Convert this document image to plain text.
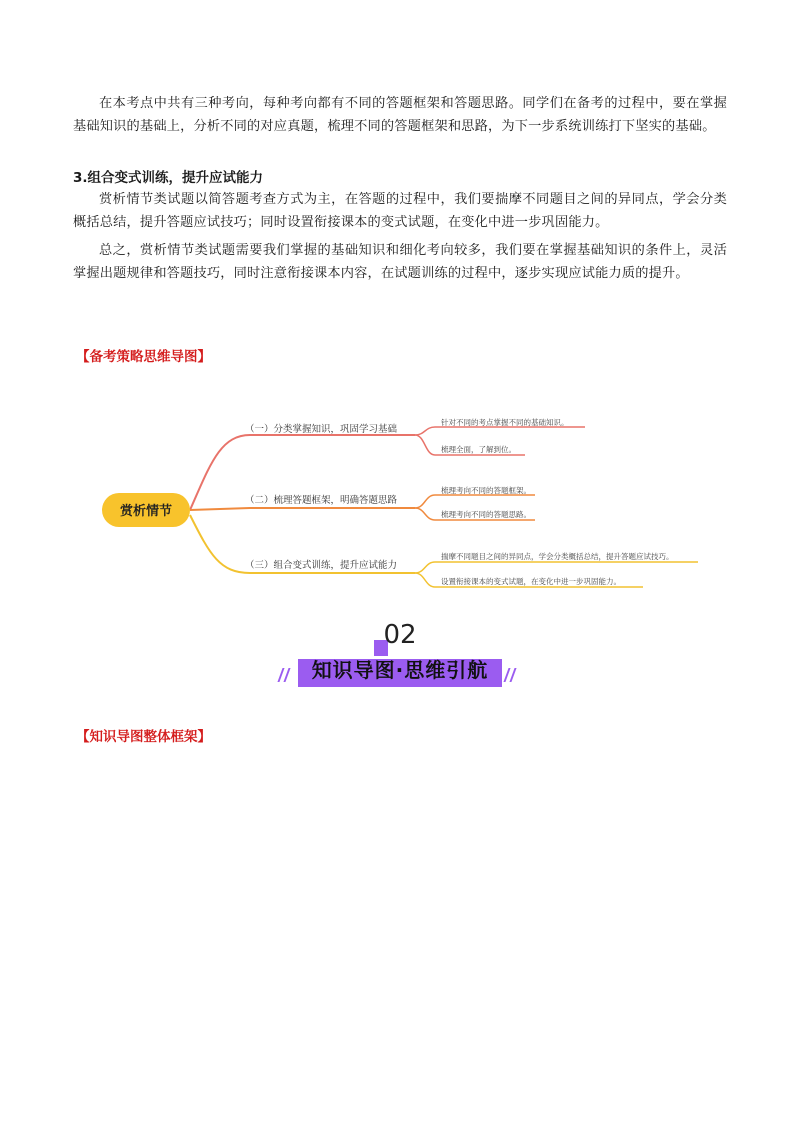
在本考点中共有三种考向，每种考向都有不同的答题框架和答题思路。同学们在备考的过程中，要在掌握基础知识的基础上，分析不同的对应真题，梳理不同的答题框架和思路，为下一步系统训练打下坚实的基础。

3.组合变式训练，提升应试能力

赏析情节类试题以简答题考查方式为主，在答题的过程中，我们要揣摩不同题目之间的异同点，学会分类概括总结，提升答题应试技巧；同时设置衔接课本的变式试题，在变化中进一步巩固能力。

总之，赏析情节类试题需要我们掌握的基础知识和细化考向较多，我们要在掌握基础知识的条件上，灵活掌握出题规律和答题技巧，同时注意衔接课本内容，在试题训练的过程中，逐步实现应试能力质的提升。

【备考策略思维导图】

赏析情节
（一）分类掌握知识，巩固学习基础
（二）梳理答题框架，明确答题思路
（三）组合变式训练，提升应试能力
针对不同的考点掌握不同的基础知识。
梳理全面，了解到位。
梳理考向不同的答题框架。
梳理考向不同的答题思路。
揣摩不同题目之间的异同点，学会分类概括总结，提升答题应试技巧。
设置衔接课本的变式试题，在变化中进一步巩固能力。
02
知识导图·思维引航

【知识导图整体框架】
